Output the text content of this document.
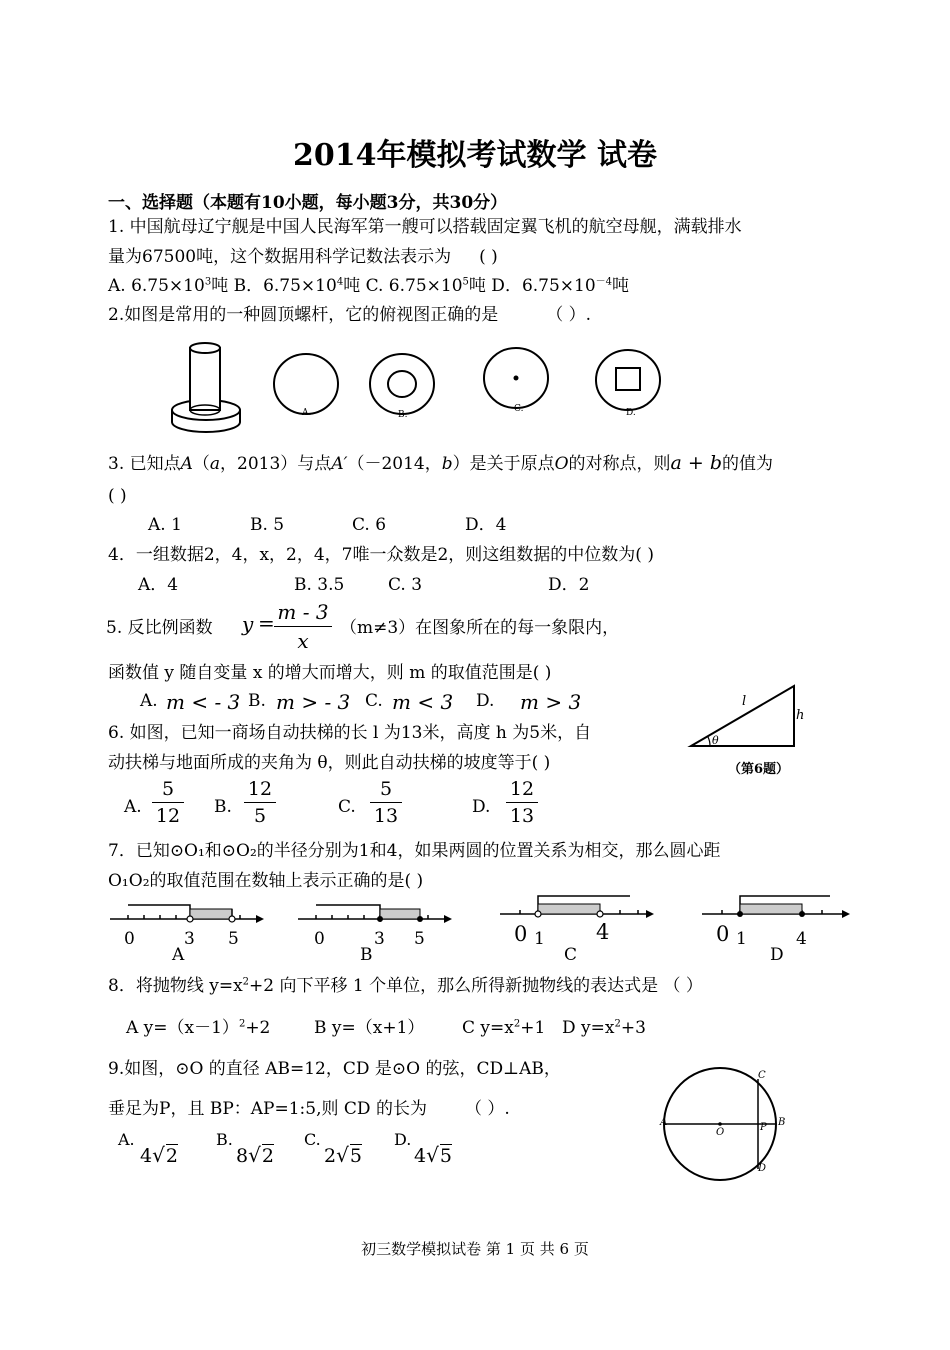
2014年模拟考试数学 试卷
一、选择题（本题有10小题，每小题3分，共30分）
1. 中国航母辽宁舰是中国人民海军第一艘可以搭载固定翼飞机的航空母舰，满载排水
量为67500吨，这个数据用科学记数法表示为 ( )
A. $6.75\times 10^3$吨 B．$6.75\times 10^4$吨 C. $6.75\times 10^5$吨 D．$6.75\times 10^{-4}$吨
2.如图是常用的一种圆顶螺杆，它的俯视图正确的是	（ ）.
A.	B.
C.	D.
3. 已知点A（a，2013）与点A′（－2014，b）是关于原点O的对称点，则a + b的值为
( )
A. 1	B. 5	C. 6	D．4
4．一组数据2，4，x，2，4，7唯一众数是2，则这组数据的中位数为( )
A．4	B. 3.5	C. 3	D．2
5. 反比例函数 $y = \frac{m - 3}{x} (m\ne 3)$在图象所在的每一象限内，
函数值 y 随自变量 x 的增大而增大，则 m 的取值范围是( )
A. m < - 3 B. m > - 3 C. m < 3 D. m > 3
6. 如图，已知一商场自动扶梯的长 l 为13米，高度 h 为5米，自
动扶梯与地面所成的夹角为 θ，则此自动扶梯的坡度等于( )
l
h
θ
（第6题）
A. $\frac{5}{12} B$. $\frac{12}{5}$	C. $\frac{5}{13}$	D. $\frac{12}{13}$
7．已知⊙O₁和⊙O₂的半径分别为1和4，如果两圆的位置关系为相交，那么圆心距
O₁O₂的取值范围在数轴上表示正确的是( )
0	3 5
A
0	3 5
B
0 1 4
C
0 1	4
D
8．将抛物线 $y=x^2+2$ 向下平移 1 个单位，那么所得新抛物线的表达式是 （ ）
A $y=(x-1)^2+2$	B y=（x+1） C $y=x^2+1$ D $y=x^2+3$
9.如图，⊙O 的直径 AB=12，CD 是⊙O 的弦，CD⊥AB，
垂足为P，且 BP：AP=1:5,则 CD 的长为 （ ）.
A.
4√2
B.
8√2
C.
2√5
D.
4√5
A	B
C
D
O	P
初三数学模拟试卷 第 1 页 共 6 页
